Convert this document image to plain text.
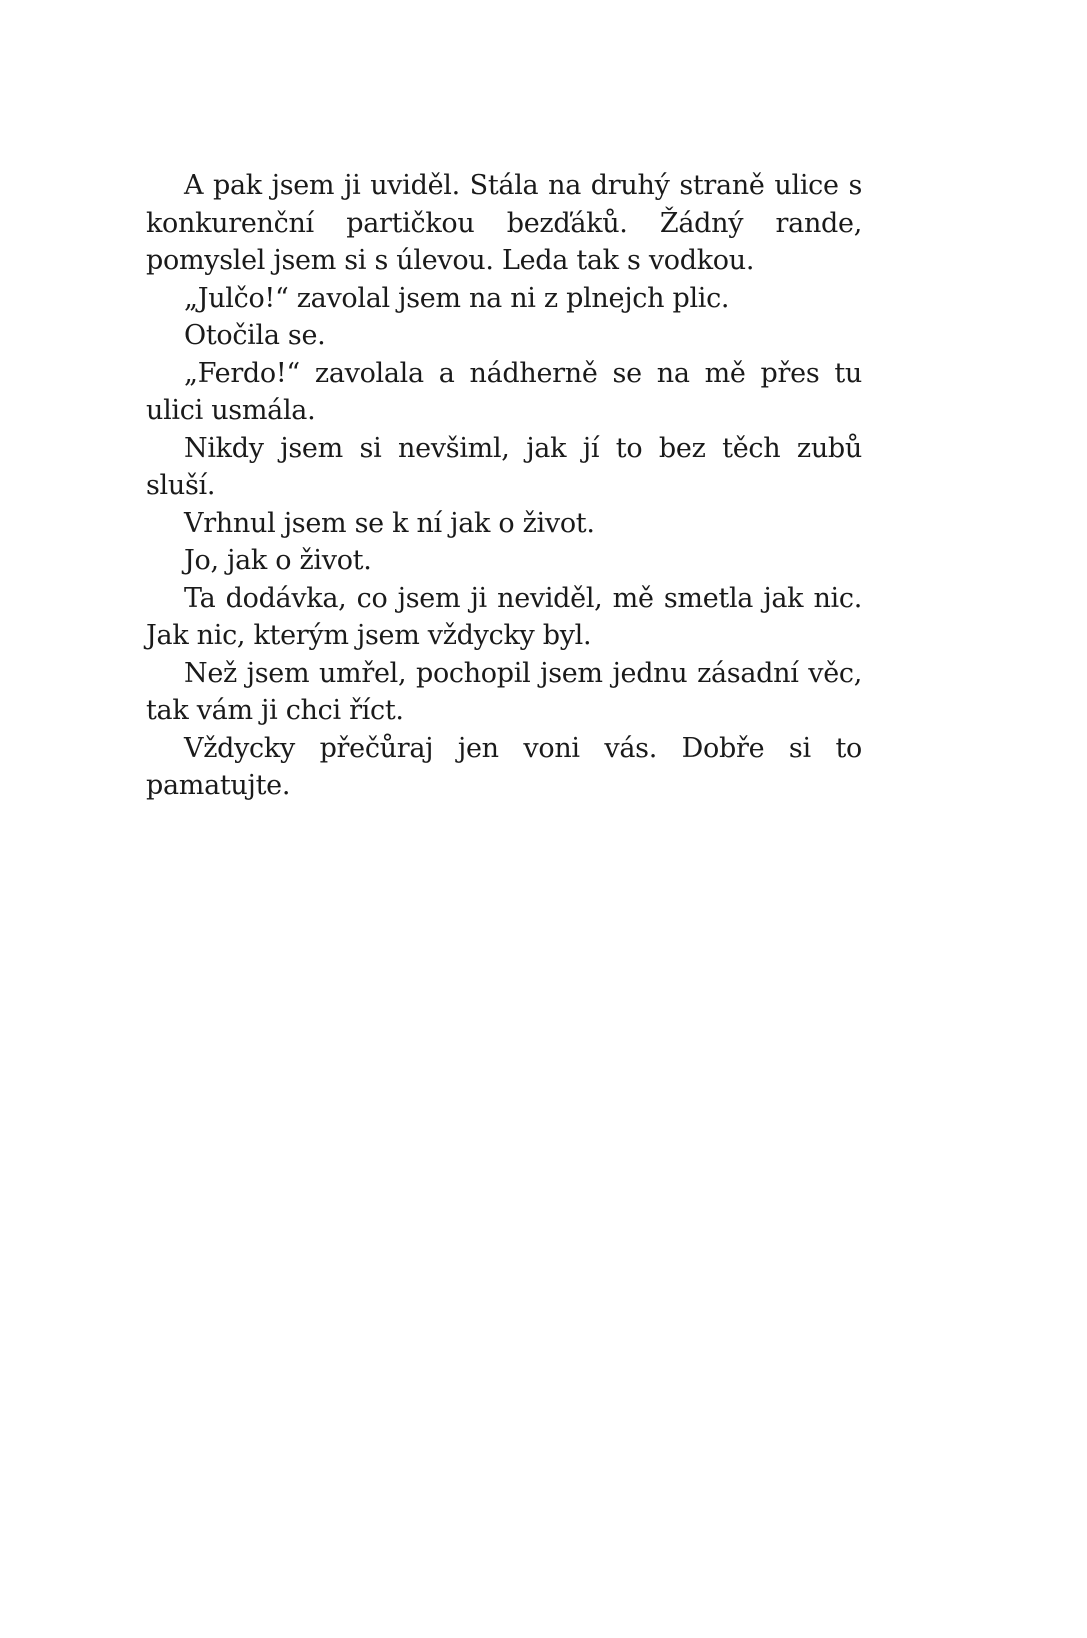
A pak jsem ji uviděl. Stála na druhý straně ulice s konkurenční partičkou bezďáků. Žádný rande, pomyslel jsem si s úlevou. Leda tak s vodkou.

„Julčo!“ zavolal jsem na ni z plnejch plic.

Otočila se.

„Ferdo!“ zavolala a nádherně se na mě přes tu ulici usmála.

Nikdy jsem si nevšiml, jak jí to bez těch zubů sluší.

Vrhnul jsem se k ní jak o život.

Jo, jak o život.

Ta dodávka, co jsem ji neviděl, mě smetla jak nic. Jak nic, kterým jsem vždycky byl.

Než jsem umřel, pochopil jsem jednu zásadní věc, tak vám ji chci říct.

Vždycky přečůraj jen voni vás. Dobře si to pamatujte.
